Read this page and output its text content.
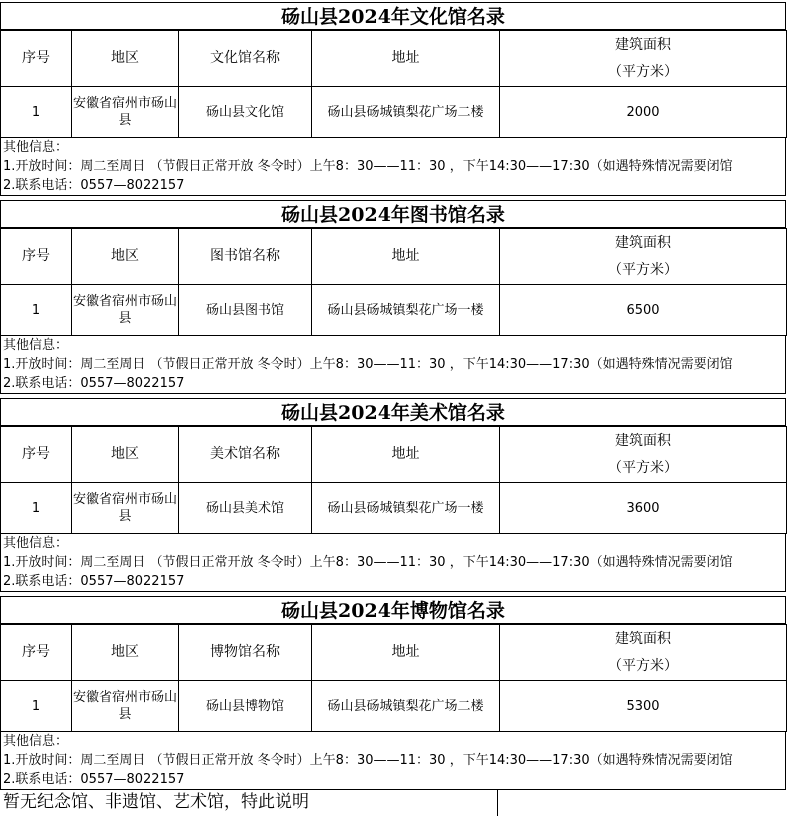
砀山县2024年文化馆名录
序号	地区	文化馆名称	地址	建筑面积
（平方米）

1	安徽省宿州市砀山县	砀山县文化馆	砀山县砀城镇梨花广场二楼	2000
其他信息：
1.开放时间：周二至周日 （节假日正常开放 冬令时）上午8：30——11：30 ，下午14:30——17:30（如遇特殊情况需要闭馆
2.联系电话：0557—8022157
砀山县2024年图书馆名录
序号	地区	图书馆名称	地址	建筑面积
（平方米）

1	安徽省宿州市砀山县	砀山县图书馆	砀山县砀城镇梨花广场一楼	6500
其他信息：
1.开放时间：周二至周日 （节假日正常开放 冬令时）上午8：30——11：30 ，下午14:30——17:30（如遇特殊情况需要闭馆
2.联系电话：0557—8022157
砀山县2024年美术馆名录
序号	地区	美术馆名称	地址	建筑面积
（平方米）

1	安徽省宿州市砀山县	砀山县美术馆	砀山县砀城镇梨花广场一楼	3600
其他信息：
1.开放时间：周二至周日 （节假日正常开放 冬令时）上午8：30——11：30 ，下午14:30——17:30（如遇特殊情况需要闭馆
2.联系电话：0557—8022157
砀山县2024年博物馆名录
序号	地区	博物馆名称	地址	建筑面积
（平方米）

1	安徽省宿州市砀山县	砀山县博物馆	砀山县砀城镇梨花广场二楼	5300
其他信息：
1.开放时间：周二至周日 （节假日正常开放 冬令时）上午8：30——11：30 ，下午14:30——17:30（如遇特殊情况需要闭馆
2.联系电话：0557—8022157
暂无纪念馆、非遗馆、艺术馆，特此说明
